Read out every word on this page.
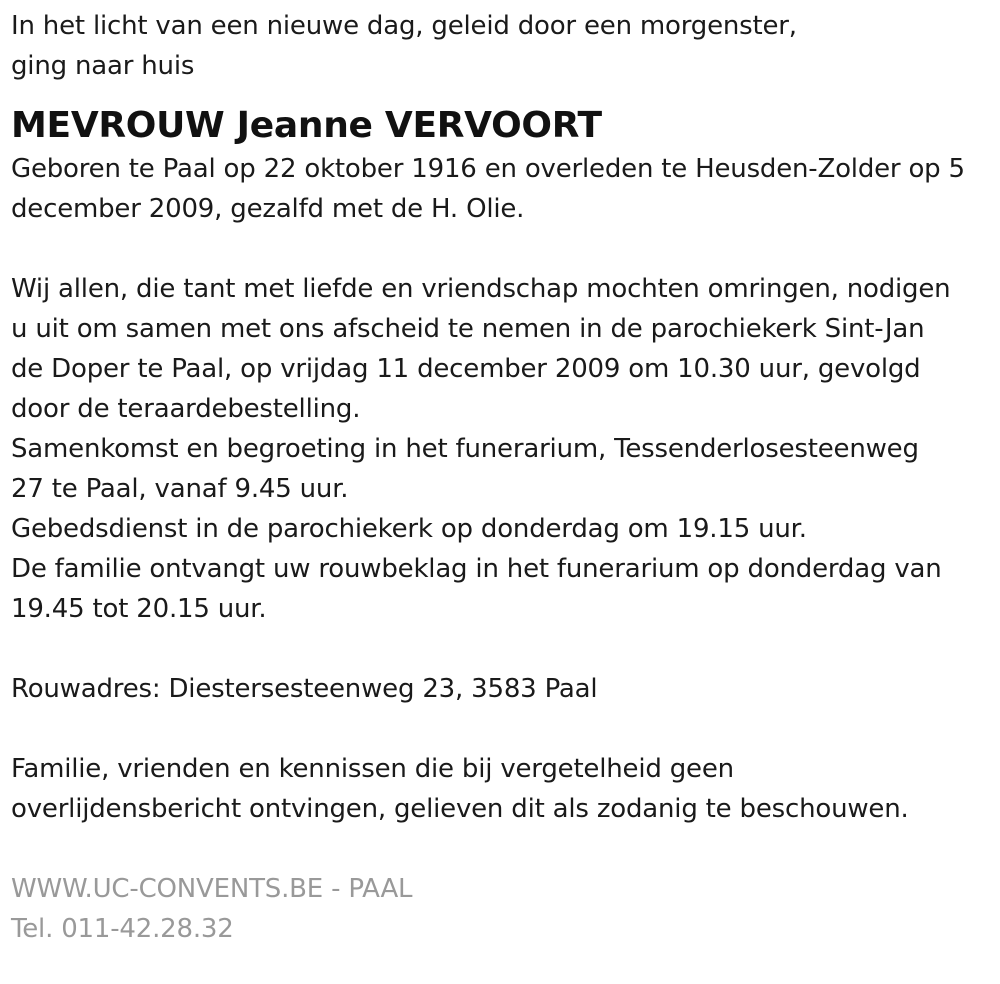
In het licht van een nieuwe dag, geleid door een morgenster,
ging naar huis
MEVROUW Jeanne VERVOORT
Geboren te Paal op 22 oktober 1916 en overleden te Heusden-Zolder op 5
december 2009, gezalfd met de H. Olie.
Wij allen, die tant met liefde en vriendschap mochten omringen, nodigen
u uit om samen met ons afscheid te nemen in de parochiekerk Sint-Jan
de Doper te Paal, op vrijdag 11 december 2009 om 10.30 uur, gevolgd
door de teraardebestelling.
Samenkomst en begroeting in het funerarium, Tessenderlosesteenweg
27 te Paal, vanaf 9.45 uur.
Gebedsdienst in de parochiekerk op donderdag om 19.15 uur.
De familie ontvangt uw rouwbeklag in het funerarium op donderdag van
19.45 tot 20.15 uur.
Rouwadres: Diestersesteenweg 23, 3583 Paal
Familie, vrienden en kennissen die bij vergetelheid geen
overlijdensbericht ontvingen, gelieven dit als zodanig te beschouwen.
WWW.UC-CONVENTS.BE - PAAL
Tel. 011-42.28.32
